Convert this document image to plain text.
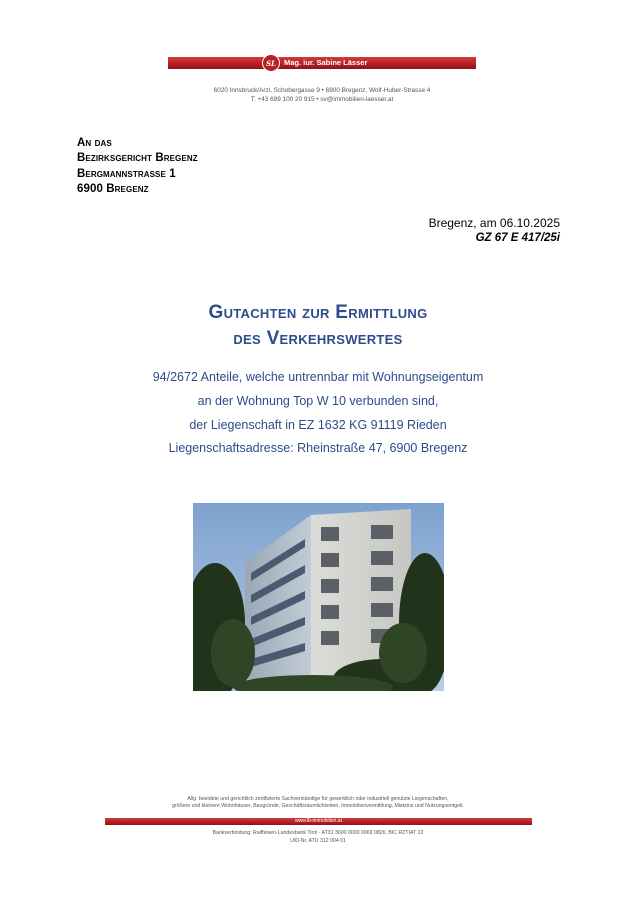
SL Mag. iur. Sabine Lässer
6020 Innsbruck/Arzl, Schobergasse 9 • 6900 Bregenz, Wolf-Huber-Strasse 4
T: +43 699 100 20 915 • sv@immobilien-laesser.at
An das
Bezirksgericht Bregenz
Bergmannstrasse 1
6900 Bregenz
Bregenz, am 06.10.2025
GZ 67 E 417/25i
Gutachten zur Ermittlung
des Verkehrswertes
94/2672 Anteile, welche untrennbar mit Wohnungseigentum
an der Wohnung Top W 10 verbunden sind,
der Liegenschaft in EZ 1632 KG 91119 Rieden
Liegenschaftsadresse: Rheinstraße 47, 6900 Bregenz
Allg. beeidete und gerichtlich zertifizierte Sachverständige für gewerblich oder industriell genutzte Liegenschaften,
größere und kleinere Wohnhäuser, Baugründe, Geschäftsräumlichkeiten, Immobilienvermittlung, Mietzins und Nutzungsentgelt.
www.lb-immobilien.at
Bankverbindung: Raiffeisen-Landesbank Tirol · AT31 3600 0000 0069 0826, BIC RZTIAT 22
UID-Nr. ATU 312 004 01
